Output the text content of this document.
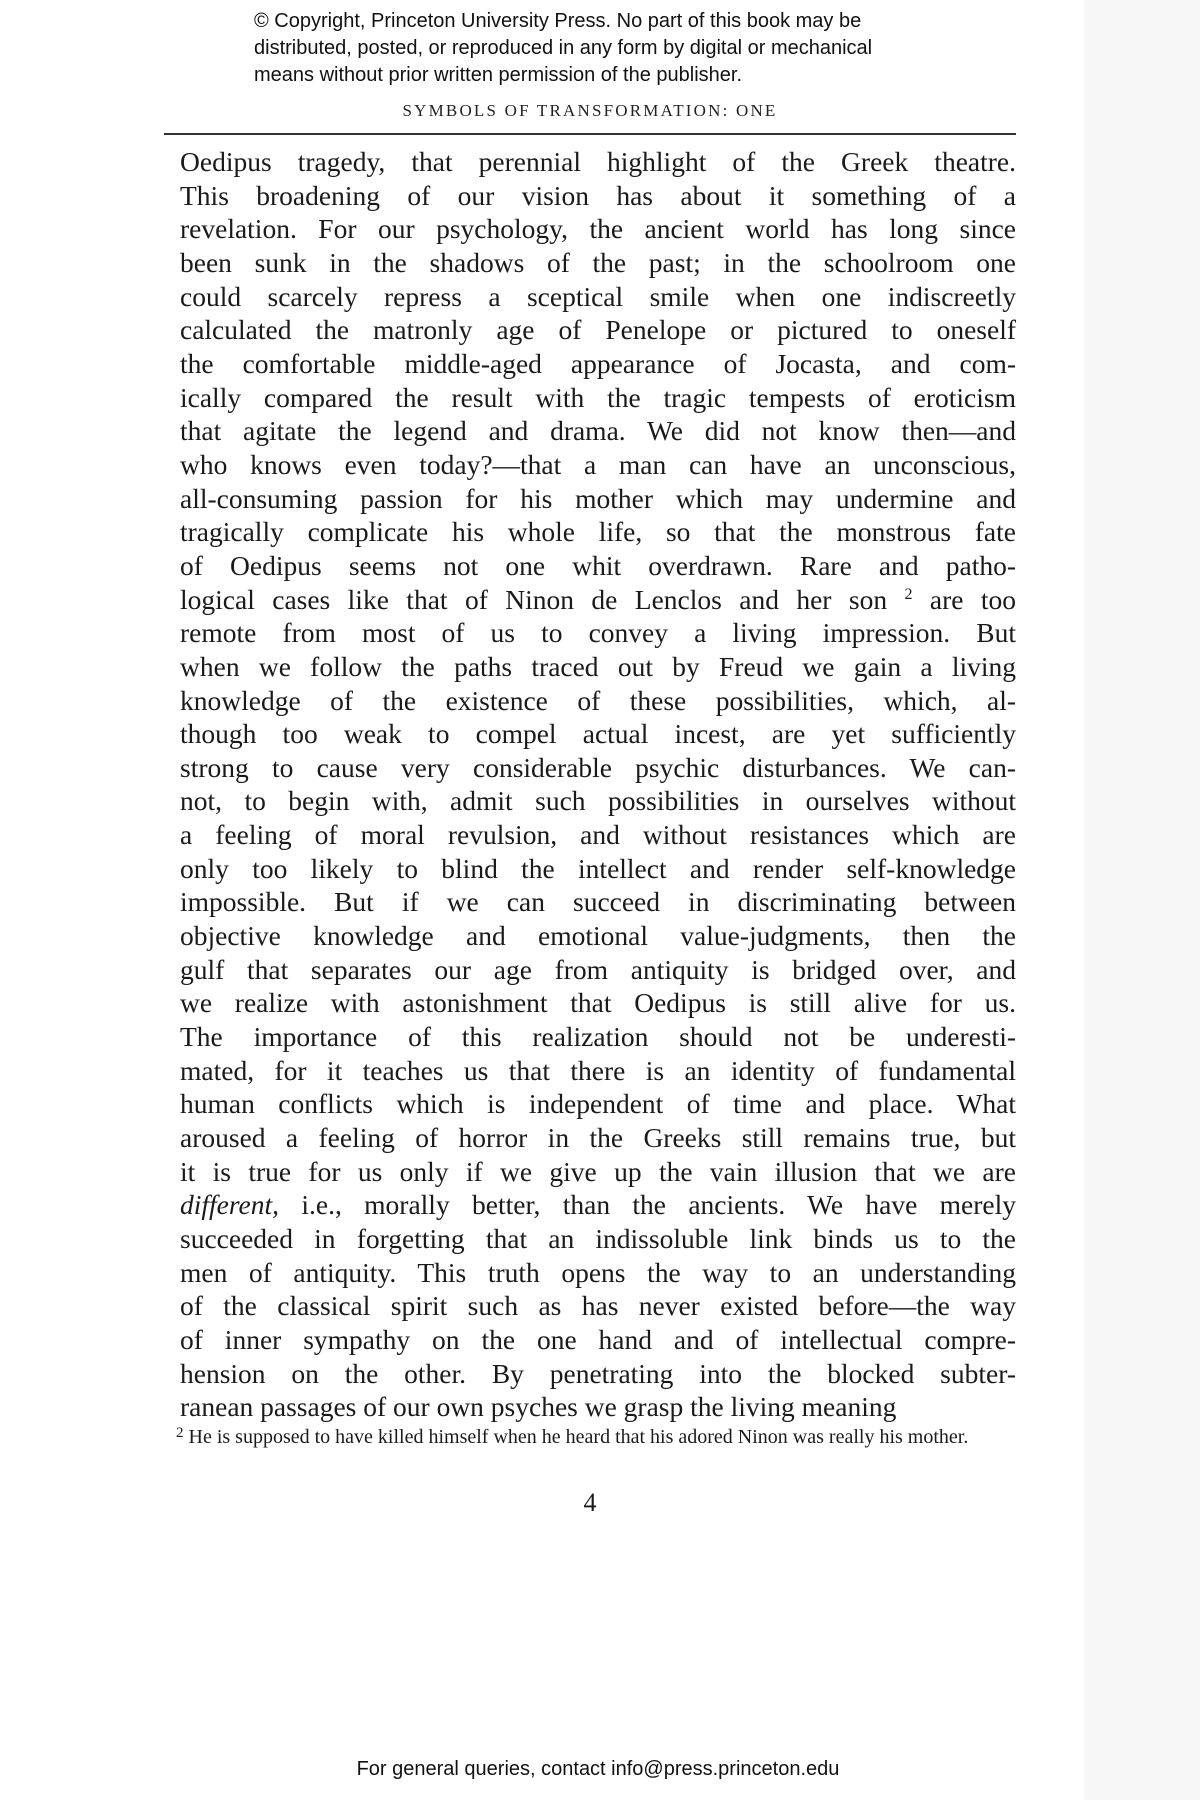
© Copyright, Princeton University Press. No part of this book may be
distributed, posted, or reproduced in any form by digital or mechanical
means without prior written permission of the publisher.
SYMBOLS OF TRANSFORMATION: ONE
Oedipus tragedy, that perennial highlight of the Greek theatre.
This broadening of our vision has about it something of a
revelation. For our psychology, the ancient world has long since
been sunk in the shadows of the past; in the schoolroom one
could scarcely repress a sceptical smile when one indiscreetly
calculated the matronly age of Penelope or pictured to oneself
the comfortable middle-aged appearance of Jocasta, and com-
ically compared the result with the tragic tempests of eroticism
that agitate the legend and drama. We did not know then—and
who knows even today?—that a man can have an unconscious,
all-consuming passion for his mother which may undermine and
tragically complicate his whole life, so that the monstrous fate
of Oedipus seems not one whit overdrawn. Rare and patho-
logical cases like that of Ninon de Lenclos and her son $^2$ are too
remote from most of us to convey a living impression. But
when we follow the paths traced out by Freud we gain a living
knowledge of the existence of these possibilities, which, al-
though too weak to compel actual incest, are yet sufficiently
strong to cause very considerable psychic disturbances. We can-
not, to begin with, admit such possibilities in ourselves without
a feeling of moral revulsion, and without resistances which are
only too likely to blind the intellect and render self-knowledge
impossible. But if we can succeed in discriminating between
objective knowledge and emotional value-judgments, then the
gulf that separates our age from antiquity is bridged over, and
we realize with astonishment that Oedipus is still alive for us.
The importance of this realization should not be underesti-
mated, for it teaches us that there is an identity of fundamental
human conflicts which is independent of time and place. What
aroused a feeling of horror in the Greeks still remains true, but
it is true for us only if we give up the vain illusion that we are
different, i.e., morally better, than the ancients. We have merely
succeeded in forgetting that an indissoluble link binds us to the
men of antiquity. This truth opens the way to an understanding
of the classical spirit such as has never existed before—the way
of inner sympathy on the one hand and of intellectual compre-
hension on the other. By penetrating into the blocked subter-
ranean passages of our own psyches we grasp the living meaning
$^2$ He is supposed to have killed himself when he heard that his adored Ninon was really his mother.
4
For general queries, contact info@press.princeton.edu
